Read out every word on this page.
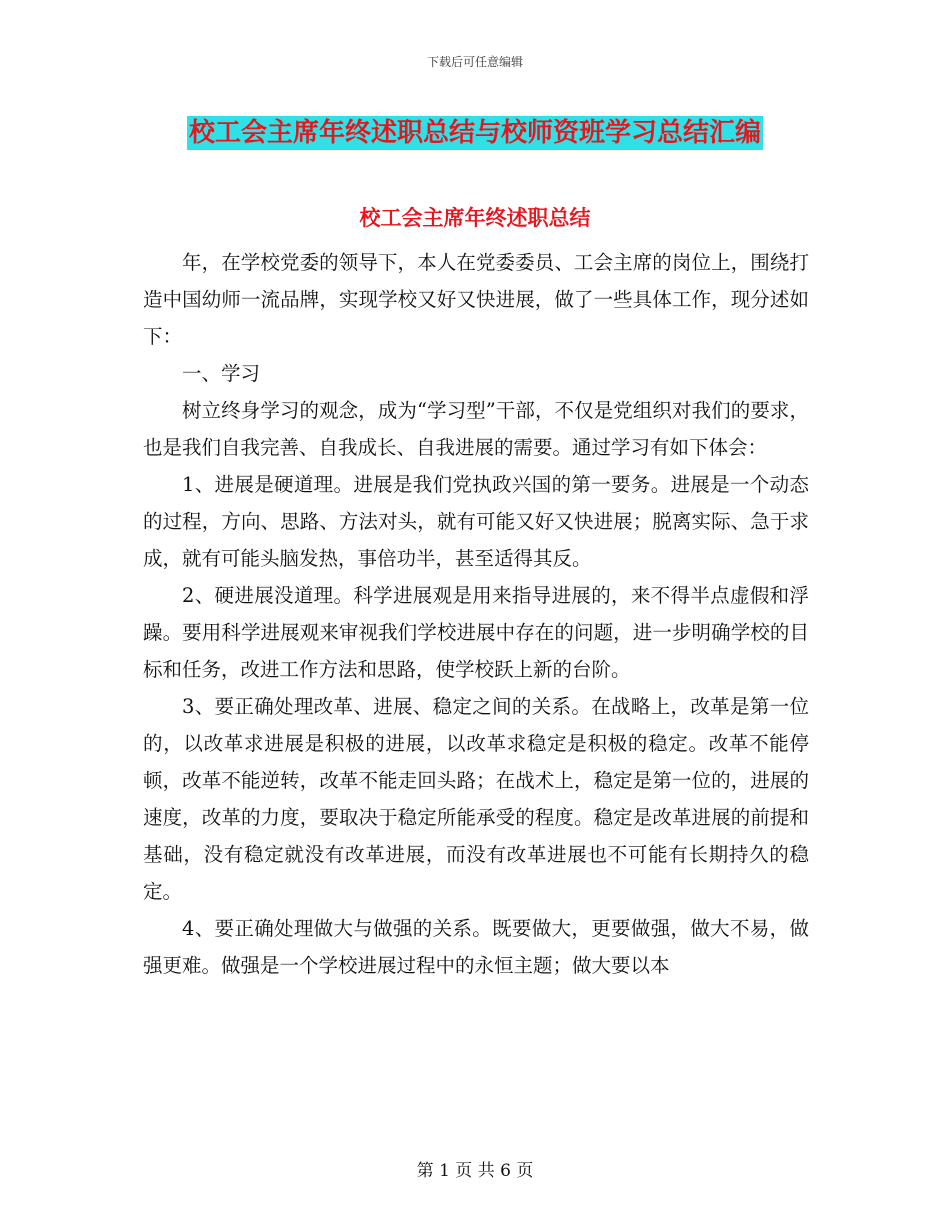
下载后可任意编辑
校工会主席年终述职总结与校师资班学习总结汇编
校工会主席年终述职总结

年，在学校党委的领导下，本人在党委委员、工会主席的岗位上，围绕打造中国幼师一流品牌，实现学校又好又快进展，做了一些具体工作，现分述如下：

一、学习

树立终身学习的观念，成为“学习型”干部，不仅是党组织对我们的要求，也是我们自我完善、自我成长、自我进展的需要。通过学习有如下体会：

1、进展是硬道理。进展是我们党执政兴国的第一要务。进展是一个动态的过程，方向、思路、方法对头，就有可能又好又快进展；脱离实际、急于求成，就有可能头脑发热，事倍功半，甚至适得其反。

2、硬进展没道理。科学进展观是用来指导进展的，来不得半点虚假和浮躁。要用科学进展观来审视我们学校进展中存在的问题，进一步明确学校的目标和任务，改进工作方法和思路，使学校跃上新的台阶。

3、要正确处理改革、进展、稳定之间的关系。在战略上，改革是第一位的，以改革求进展是积极的进展，以改革求稳定是积极的稳定。改革不能停顿，改革不能逆转，改革不能走回头路；在战术上，稳定是第一位的，进展的速度，改革的力度，要取决于稳定所能承受的程度。稳定是改革进展的前提和基础，没有稳定就没有改革进展，而没有改革进展也不可能有长期持久的稳定。

4、要正确处理做大与做强的关系。既要做大，更要做强，做大不易，做强更难。做强是一个学校进展过程中的永恒主题；做大要以本

第 1 页 共 6 页
